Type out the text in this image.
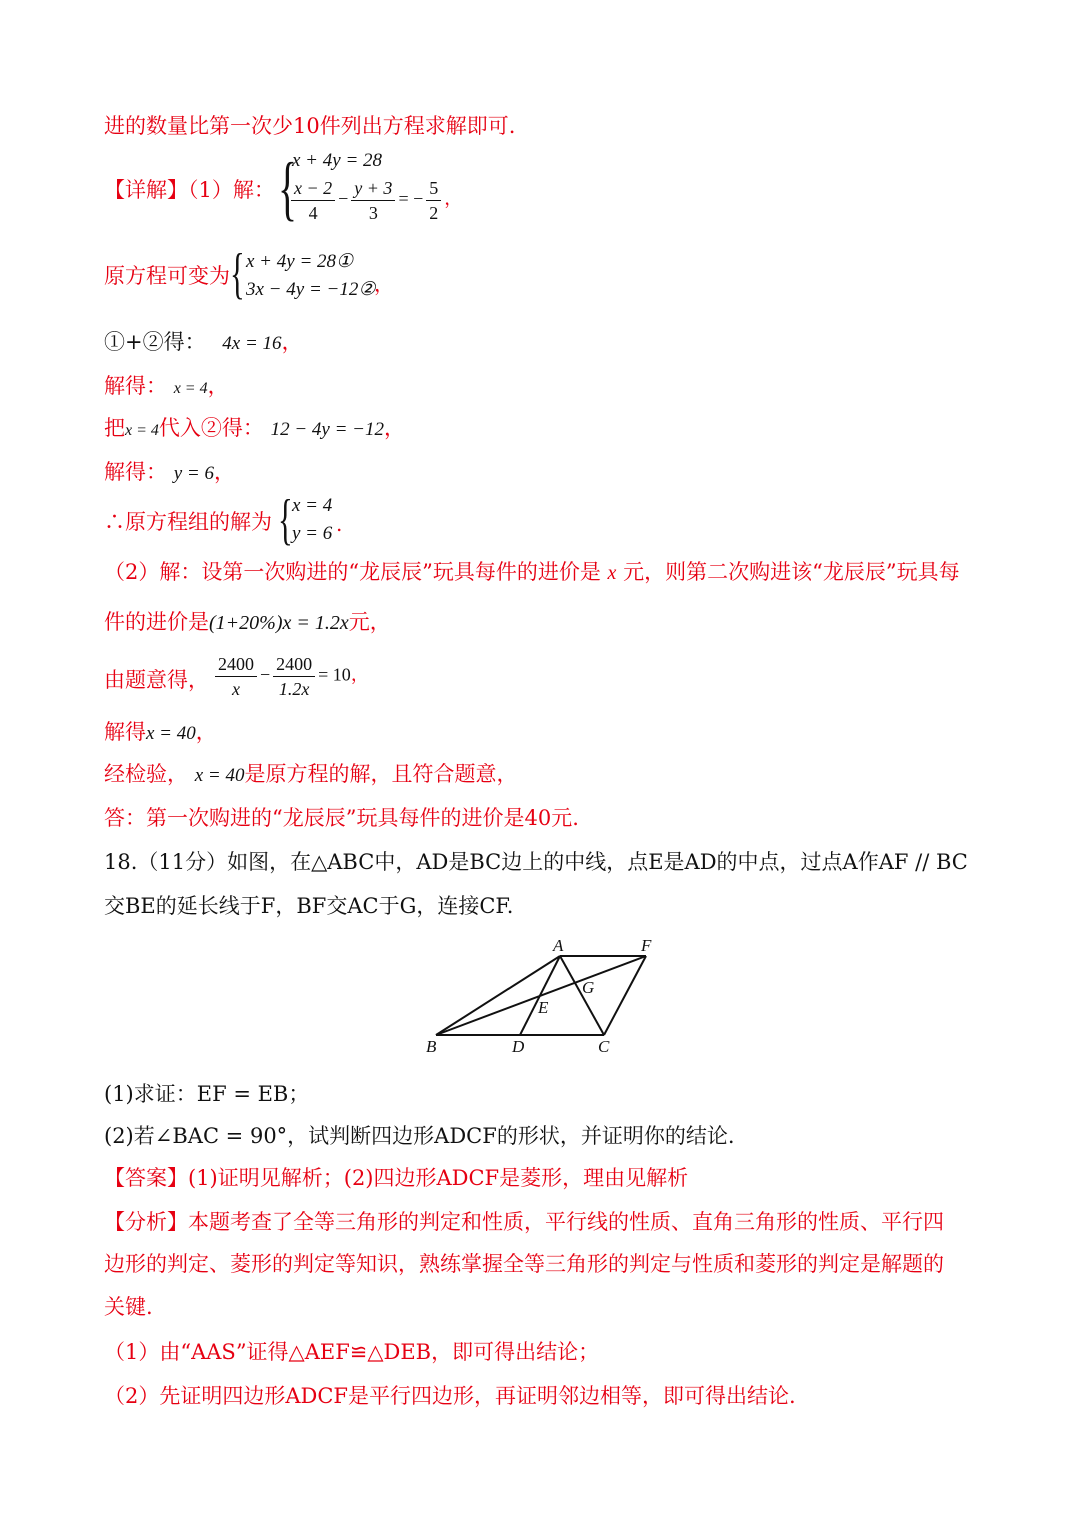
进的数量比第一次少10件列出方程求解即可.
【详解】（1）解： {
x + 4y = 28
$\frac{x - 2}{4} - \frac{y + 3}{3}$ = − $\frac{5}{2}$ ，
原方程可变为 { x + 4y = 28①
3x − 4y = −12②
，
①+②得： 4x = 16，
解得： x = 4，
把x = 4代入②得： 12 − 4y = −12，
解得： y = 6，
∴原方程组的解为 { x = 4
y = 6 .
（2）解：设第一次购进的“龙辰辰”玩具每件的进价是 x 元，则第二次购进该“龙辰辰”玩具每
件的进价是(1+20%)x = 1.2x元，
由题意得， $\frac{2400}{x} - \frac{2400}{1.2x} = 10$，
解得x = 40，
经检验， x = 40是原方程的解，且符合题意，
答：第一次购进的“龙辰辰”玩具每件的进价是40元.
18.（11分）如图，在△ABC中，AD是BC边上的中线，点E是AD的中点，过点A作AF // BC
交BE的延长线于F，BF交AC于G，连接CF.
A	F
G
E
B	D	C
(1)求证：EF = EB；
(2)若∠BAC = 90°，试判断四边形ADCF的形状，并证明你的结论.
【答案】(1)证明见解析；(2)四边形ADCF是菱形，理由见解析
【分析】本题考查了全等三角形的判定和性质，平行线的性质、直角三角形的性质、平行四
边形的判定、菱形的判定等知识，熟练掌握全等三角形的判定与性质和菱形的判定是解题的
关键.
（1）由“AAS”证得△AEF≌△DEB，即可得出结论；
（2）先证明四边形ADCF是平行四边形，再证明邻边相等，即可得出结论.
